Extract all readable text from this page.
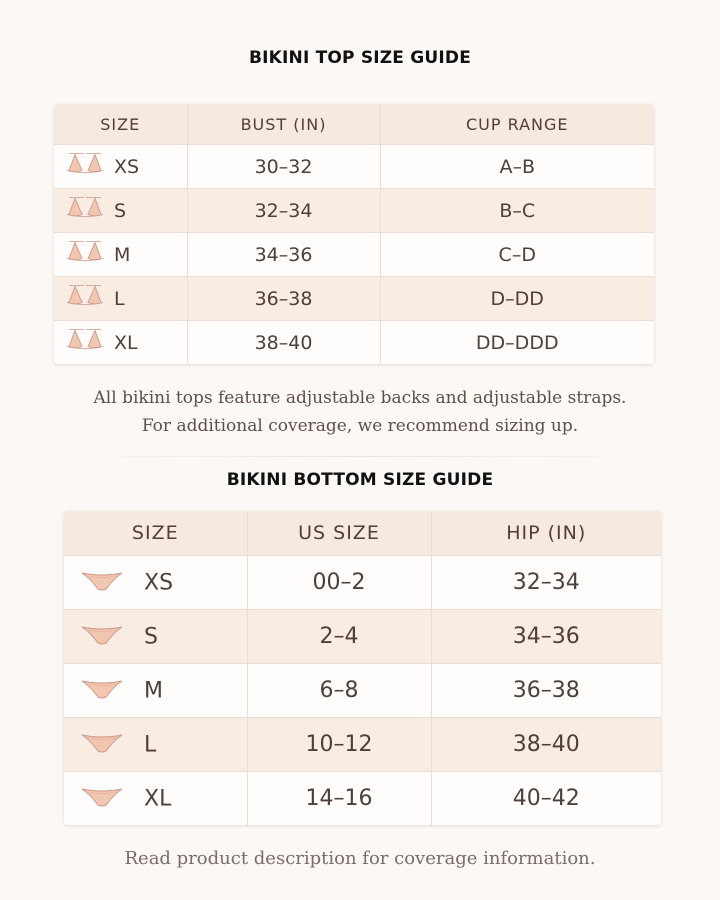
BIKINI TOP SIZE GUIDE
SIZE	BUST (IN)	CUP RANGE

XS	30–32	A–B

S	32–34	B–C

M	34–36	C–D

L	36–38	D–DD

XL	38–40	DD–DDD
All bikini tops feature adjustable backs and adjustable straps.
For additional coverage, we recommend sizing up.
BIKINI BOTTOM SIZE GUIDE
SIZE	US SIZE	HIP (IN)

XS	00–2	32–34

S	2–4	34–36

M	6–8	36–38

L	10–12	38–40

XL	14–16	40–42
Read product description for coverage information.
